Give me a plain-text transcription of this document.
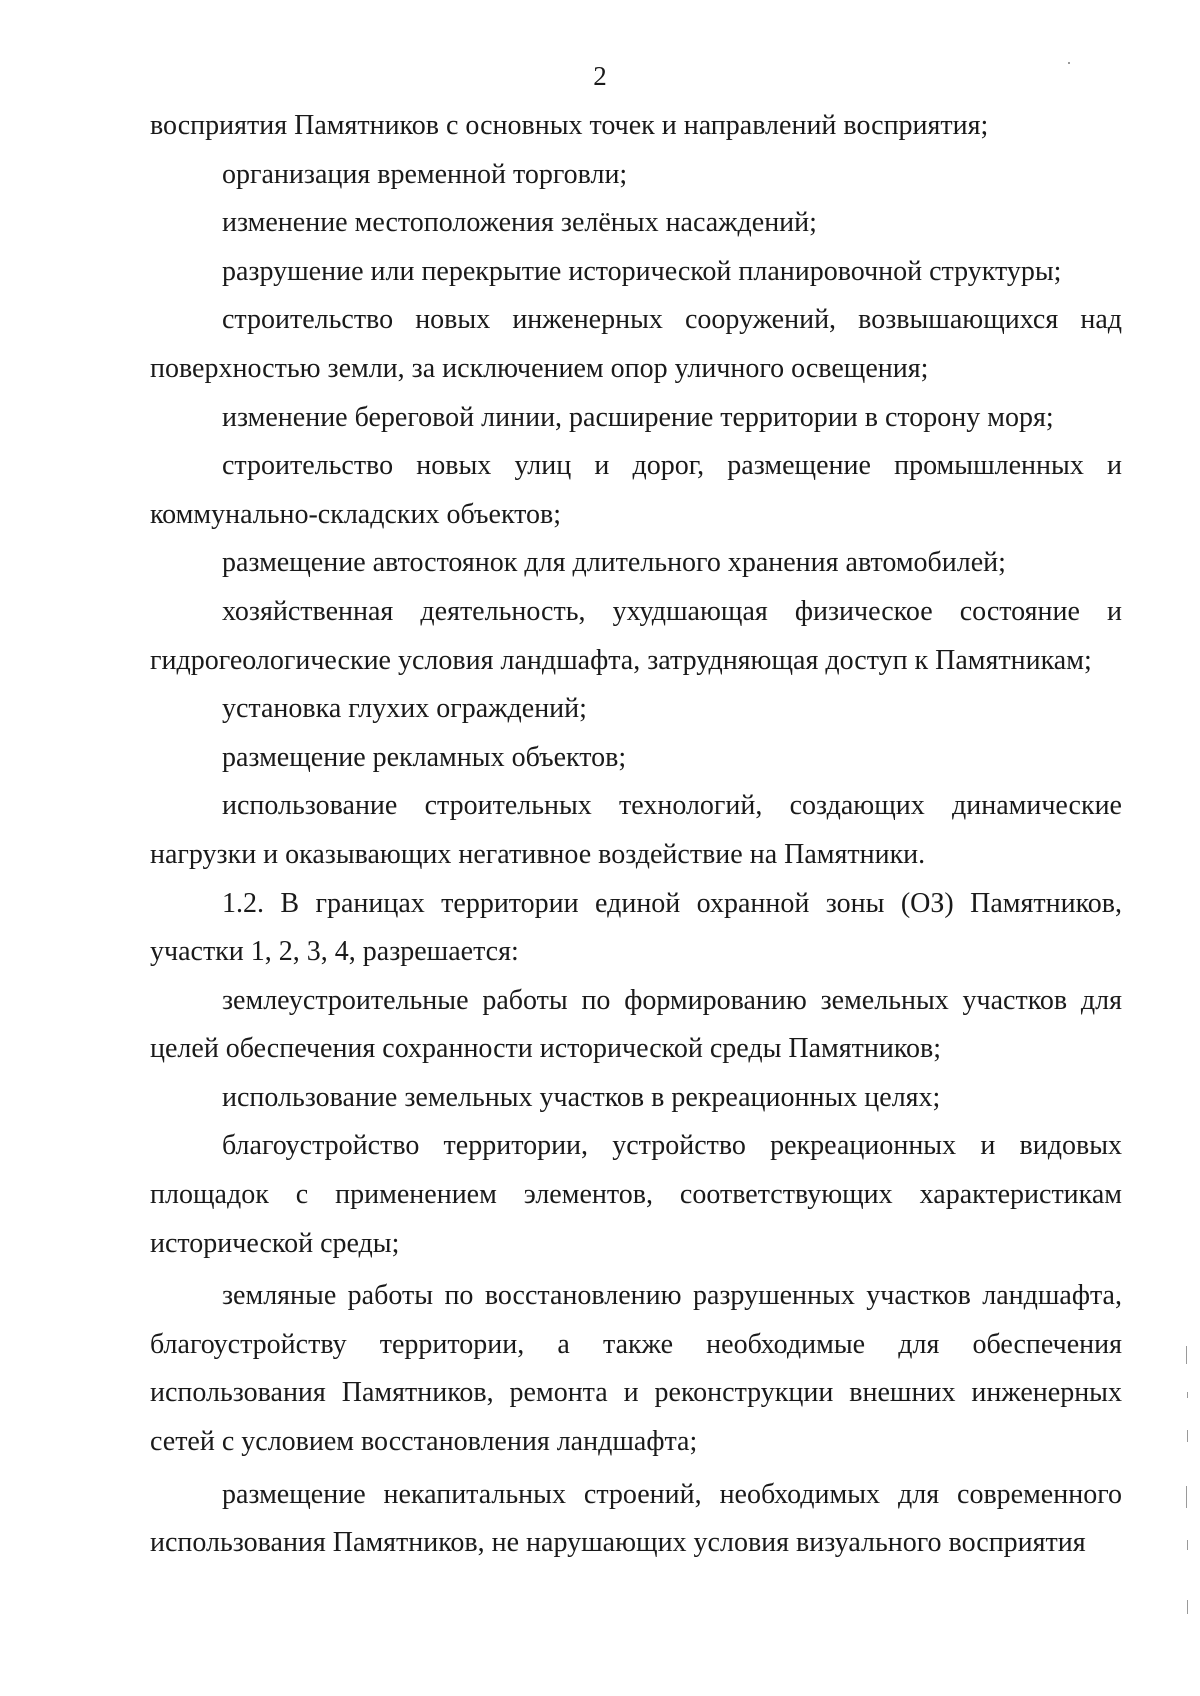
2

восприятия Памятников с основных точек и направлений восприятия;

организация временной торговли;

изменение местоположения зелёных насаждений;

разрушение или перекрытие исторической планировочной структуры;

строительство новых инженерных сооружений, возвышающихся над поверхностью земли, за исключением опор уличного освещения;

изменение береговой линии, расширение территории в сторону моря;

строительство новых улиц и дорог, размещение промышленных и коммунально-складских объектов;

размещение автостоянок для длительного хранения автомобилей;

хозяйственная деятельность, ухудшающая физическое состояние и гидрогеологические условия ландшафта, затрудняющая доступ к Памятникам;

установка глухих ограждений;

размещение рекламных объектов;

использование строительных технологий, создающих динамические нагрузки и оказывающих негативное воздействие на Памятники.

1.2. В границах территории единой охранной зоны (ОЗ) Памятников, участки 1, 2, 3, 4, разрешается:

землеустроительные работы по формированию земельных участков для целей обеспечения сохранности исторической среды Памятников;

использование земельных участков в рекреационных целях;

благоустройство территории, устройство рекреационных и видовых площадок с применением элементов, соответствующих характеристикам исторической среды;

земляные работы по восстановлению разрушенных участков ландшафта, благоустройству территории, а также необходимые для обеспечения использования Памятников, ремонта и реконструкции внешних инженерных сетей с условием восстановления ландшафта;

размещение некапитальных строений, необходимых для современного использования Памятников, не нарушающих условия визуального восприятия
